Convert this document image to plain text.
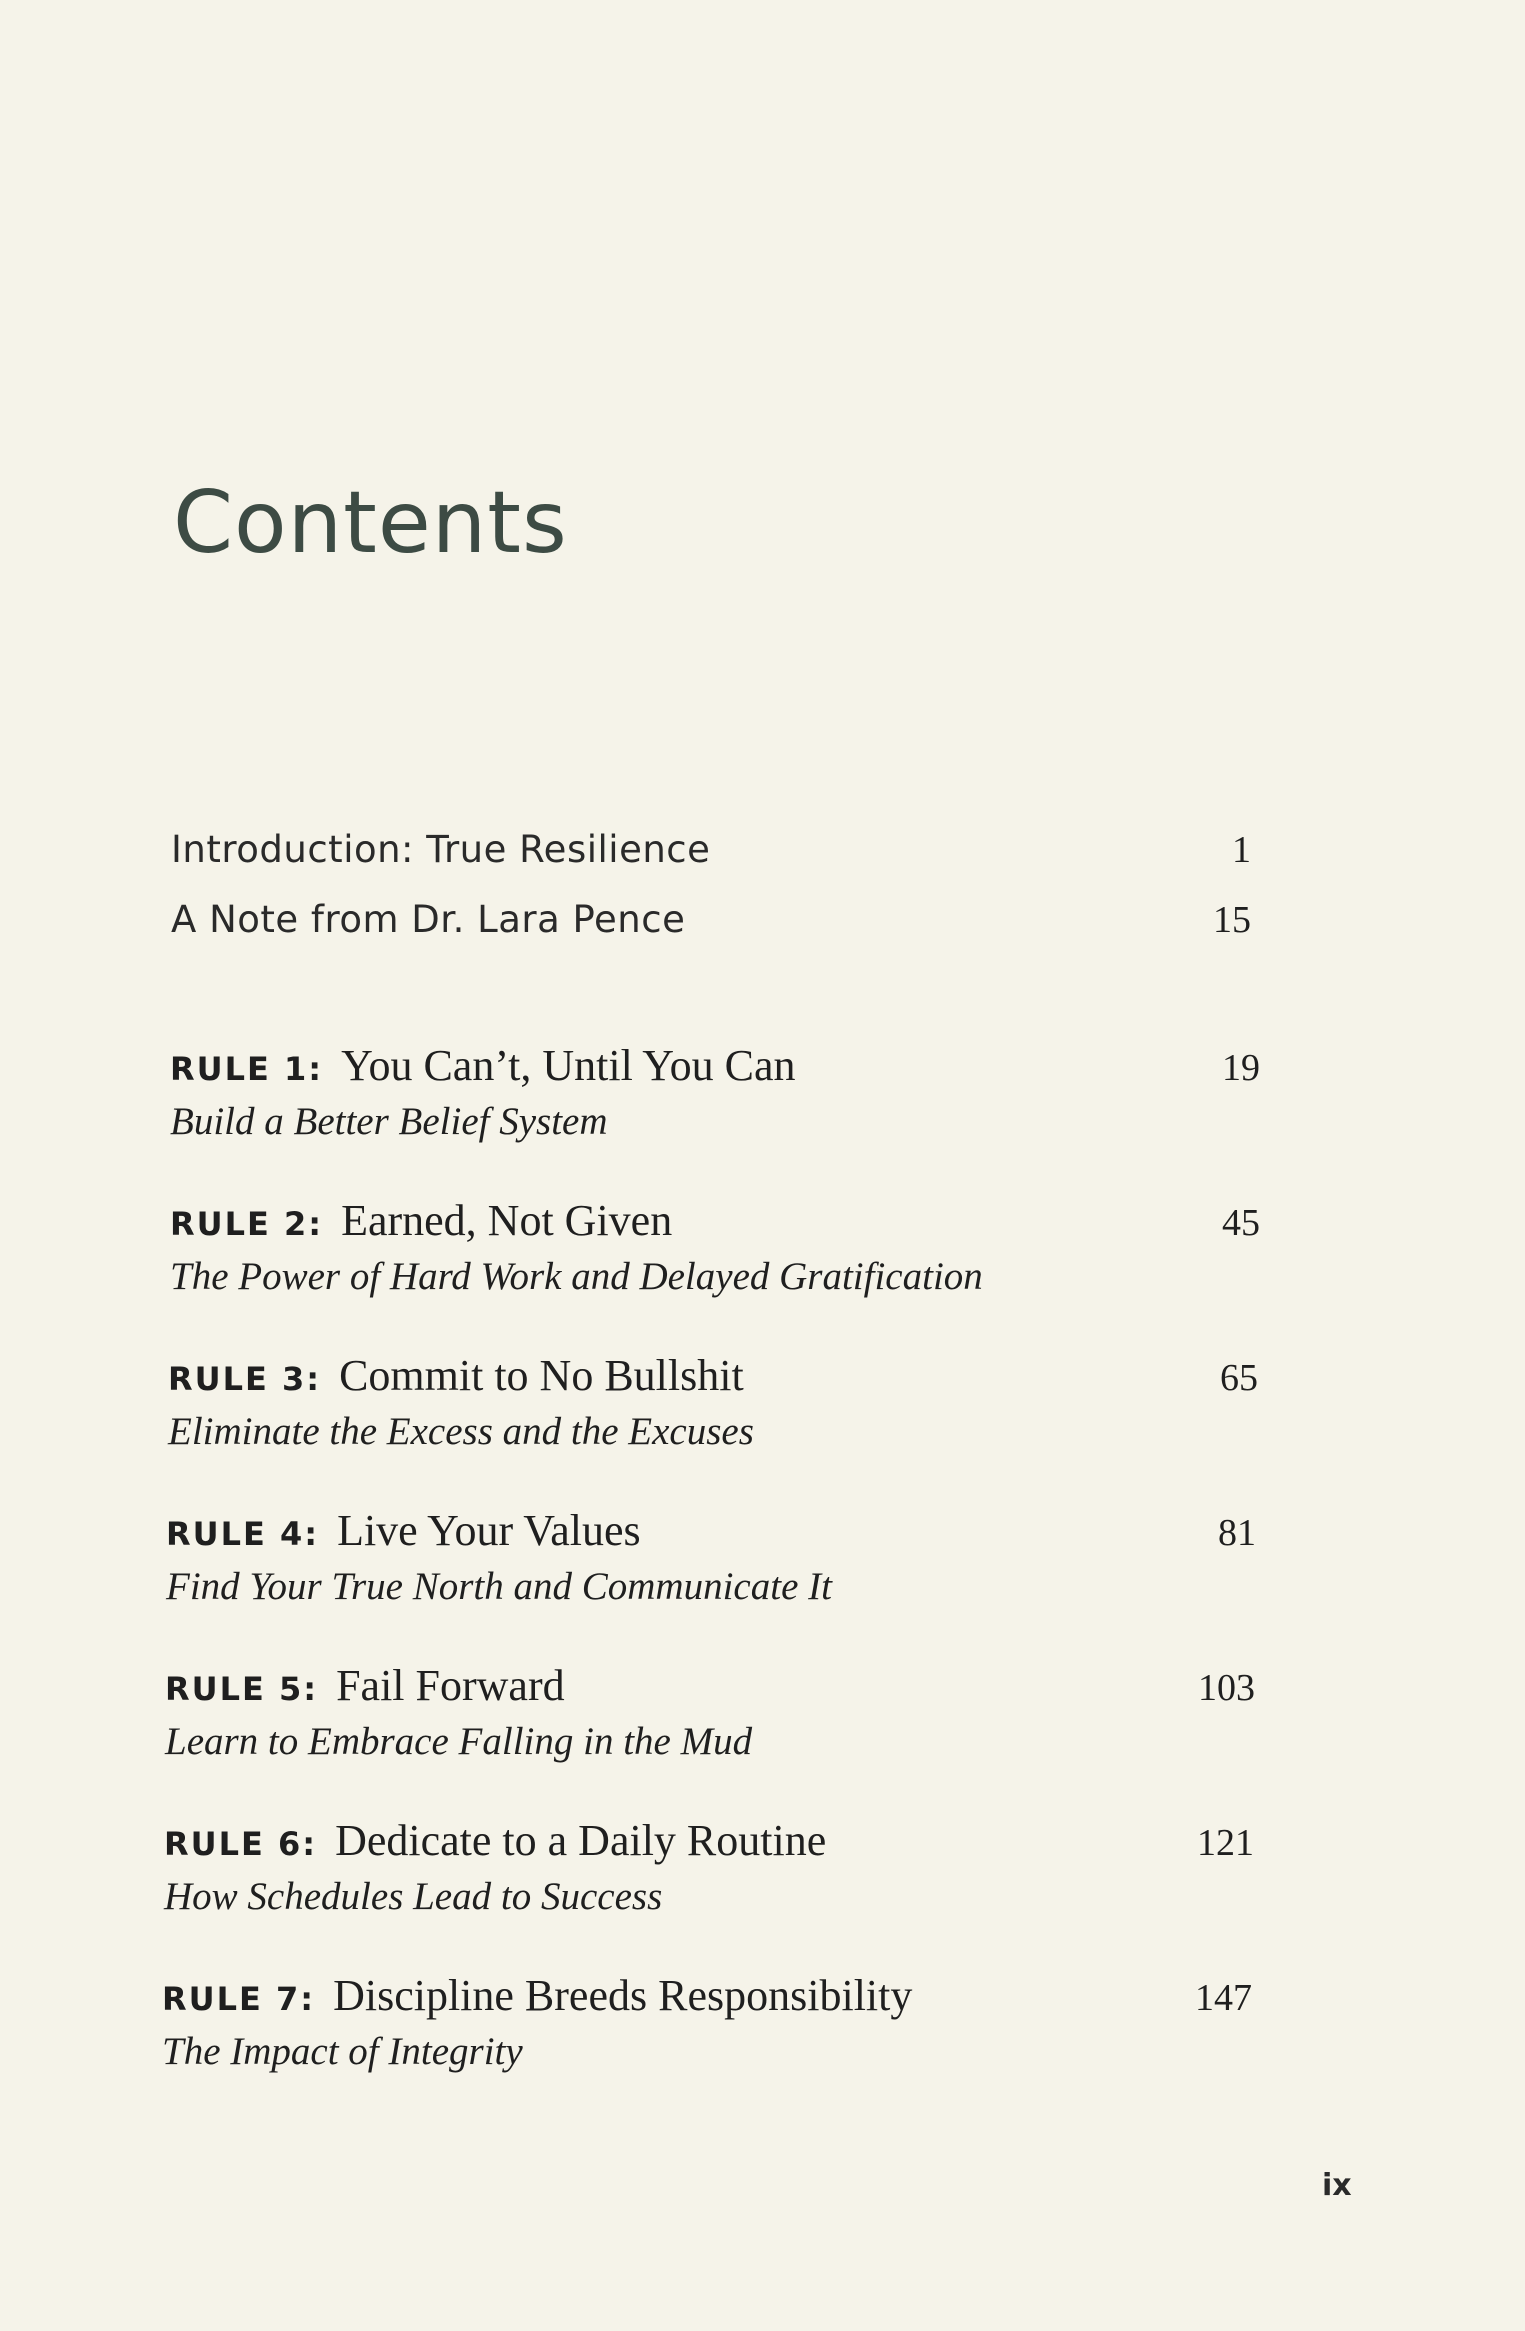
Contents
Introduction: True Resilience	1
A Note from Dr. Lara Pence	15
RULE 1: You Can’t, Until You Can	19
Build a Better Belief System
RULE 2: Earned, Not Given	45
The Power of Hard Work and Delayed Gratification
RULE 3: Commit to No Bullshit	65
Eliminate the Excess and the Excuses
RULE 4: Live Your Values	81
Find Your True North and Communicate It
RULE 5: Fail Forward	103
Learn to Embrace Falling in the Mud
RULE 6: Dedicate to a Daily Routine	121
How Schedules Lead to Success
RULE 7: Discipline Breeds Responsibility	147
The Impact of Integrity
ix
